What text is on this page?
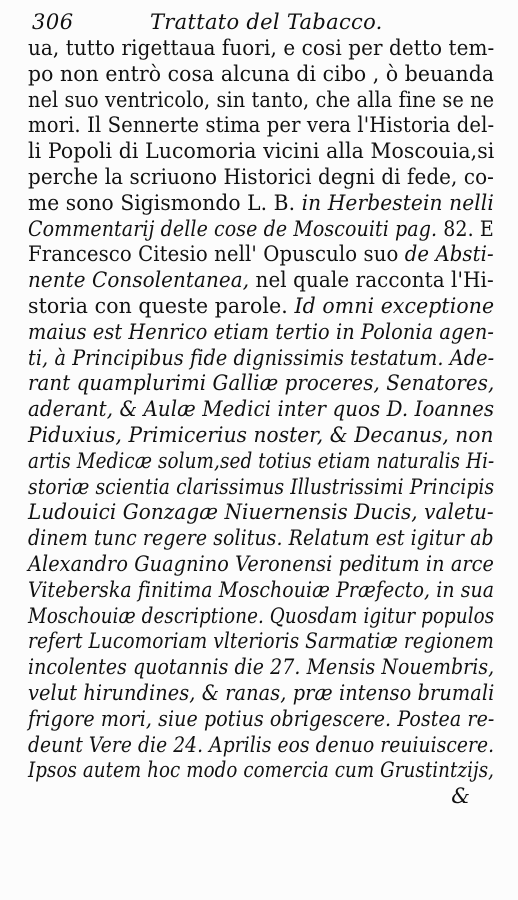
306	Trattato del Tabacco.
ua, tutto rigettaua fuori, e cosi per detto tem-
po non entrò cosa alcuna di cibo , ò beuanda
nel suo ventricolo, sin tanto, che alla fine se ne
mori. Il Sennerte stima per vera l'Historia del-
li Popoli di Lucomoria vicini alla Moscouia,si
perche la scriuono Historici degni di fede, co-
me sono Sigismondo L. B. in Herbestein nelli
Commentarij delle cose de Moscouiti pag. 82. E
Francesco Citesio nell' Opusculo suo de Absti-
nente Consolentanea, nel quale racconta l'Hi-
storia con queste parole. Id omni exceptione
maius est Henrico etiam tertio in Polonia agen-
ti, à Principibus fide dignissimis testatum. Ade-
rant quamplurimi Galliæ proceres, Senatores,
aderant, & Aulæ Medici inter quos D. Ioannes
Piduxius, Primicerius noster, & Decanus, non
artis Medicæ solum,sed totius etiam naturalis Hi-
storiæ scientia clarissimus Illustrissimi Principis
Ludouici Gonzagæ Niuernensis Ducis, valetu-
dinem tunc regere solitus. Relatum est igitur ab
Alexandro Guagnino Veronensi peditum in arce
Viteberska finitima Moschouiæ Præfecto, in sua
Moschouiæ descriptione. Quosdam igitur populos
refert Lucomoriam vlterioris Sarmatiæ regionem
incolentes quotannis die 27. Mensis Nouembris,
velut hirundines, & ranas, præ intenso brumali
frigore mori, siue potius obrigescere. Postea re-
deunt Vere die 24. Aprilis eos denuo reuiuiscere.
Ipsos autem hoc modo comercia cum Grustintzijs,
&
